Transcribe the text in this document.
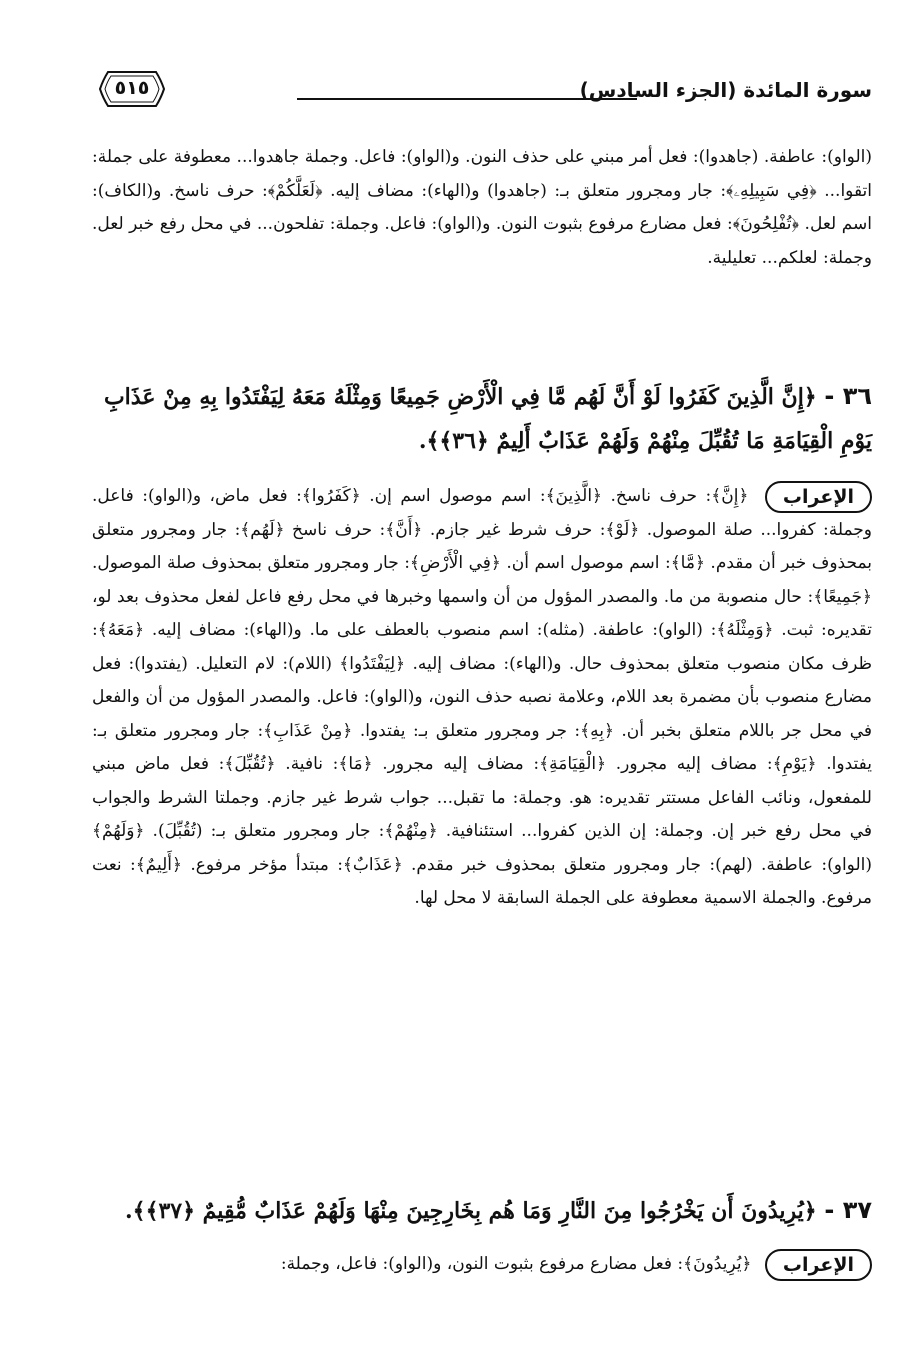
سورة المائدة (الجزء السادس)
٥١٥
(الواو): عاطفة. (جاهدوا): فعل أمر مبني على حذف النون. و(الواو): فاعل. وجملة جاهدوا... معطوفة على جملة: اتقوا... ﴿فِي سَبِيلِهِۦ﴾: جار ومجرور متعلق بـ: (جاهدوا) و(الهاء): مضاف إليه. ﴿لَعَلَّكُمْ﴾: حرف ناسخ. و(الكاف): اسم لعل. ﴿تُفْلِحُونَ﴾: فعل مضارع مرفوع بثبوت النون. و(الواو): فاعل. وجملة: تفلحون... في محل رفع خبر لعل. وجملة: لعلكم... تعليلية.
٣٦ - ﴿إِنَّ الَّذِينَ كَفَرُوا لَوْ أَنَّ لَهُم مَّا فِي الْأَرْضِ جَمِيعًا وَمِثْلَهُ مَعَهُ لِيَفْتَدُوا بِهِ مِنْ عَذَابِ يَوْمِ الْقِيَامَةِ مَا تُقُبِّلَ مِنْهُمْ وَلَهُمْ عَذَابٌ أَلِيمٌ ﴿٣٦﴾﴾.
الإعراب ﴿إِنَّ﴾: حرف ناسخ. ﴿الَّذِينَ﴾: اسم موصول اسم إن. ﴿كَفَرُوا﴾: فعل ماض، و(الواو): فاعل. وجملة: كفروا... صلة الموصول. ﴿لَوْ﴾: حرف شرط غير جازم. ﴿أَنَّ﴾: حرف ناسخ ﴿لَهُم﴾: جار ومجرور متعلق بمحذوف خبر أن مقدم. ﴿مَّا﴾: اسم موصول اسم أن. ﴿فِي الْأَرْضِ﴾: جار ومجرور متعلق بمحذوف صلة الموصول. ﴿جَمِيعًا﴾: حال منصوبة من ما. والمصدر المؤول من أن واسمها وخبرها في محل رفع فاعل لفعل محذوف بعد لو، تقديره: ثبت. ﴿وَمِثْلَهُ﴾: (الواو): عاطفة. (مثله): اسم منصوب بالعطف على ما. و(الهاء): مضاف إليه. ﴿مَعَهُ﴾: ظرف مكان منصوب متعلق بمحذوف حال. و(الهاء): مضاف إليه. ﴿لِيَفْتَدُوا﴾ (اللام): لام التعليل. (يفتدوا): فعل مضارع منصوب بأن مضمرة بعد اللام، وعلامة نصبه حذف النون، و(الواو): فاعل. والمصدر المؤول من أن والفعل في محل جر باللام متعلق بخبر أن. ﴿بِهِ﴾: جر ومجرور متعلق بـ: يفتدوا. ﴿مِنْ عَذَابِ﴾: جار ومجرور متعلق بـ: يفتدوا. ﴿يَوْمِ﴾: مضاف إليه مجرور. ﴿الْقِيَامَةِ﴾: مضاف إليه مجرور. ﴿مَا﴾: نافية. ﴿تُقُبِّلَ﴾: فعل ماض مبني للمفعول، ونائب الفاعل مستتر تقديره: هو. وجملة: ما تقبل... جواب شرط غير جازم. وجملتا الشرط والجواب في محل رفع خبر إن. وجملة: إن الذين كفروا... استئنافية. ﴿مِنْهُمْ﴾: جار ومجرور متعلق بـ: (تُقُبِّلَ). ﴿وَلَهُمْ﴾ (الواو): عاطفة. (لهم): جار ومجرور متعلق بمحذوف خبر مقدم. ﴿عَذَابٌ﴾: مبتدأ مؤخر مرفوع. ﴿أَلِيمٌ﴾: نعت مرفوع. والجملة الاسمية معطوفة على الجملة السابقة لا محل لها.
٣٧ - ﴿يُرِيدُونَ أَن يَخْرُجُوا مِنَ النَّارِ وَمَا هُم بِخَارِجِينَ مِنْهَا وَلَهُمْ عَذَابٌ مُّقِيمٌ ﴿٣٧﴾﴾.
الإعراب ﴿يُرِيدُونَ﴾: فعل مضارع مرفوع بثبوت النون، و(الواو): فاعل، وجملة:
